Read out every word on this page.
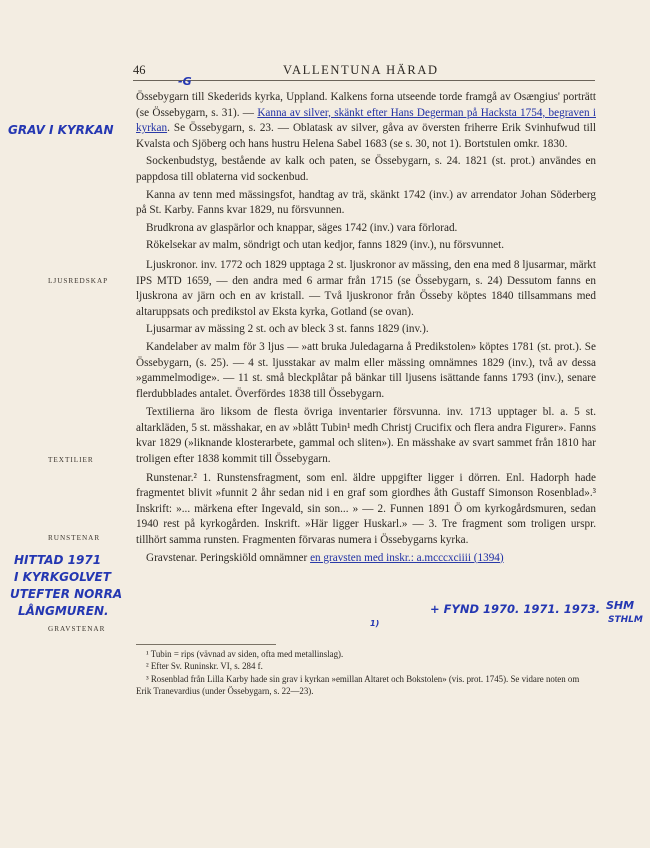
46	VALLENTUNA HÄRAD
LJUSREDSKAP
TEXTILIER
RUNSTENAR
GRAVSTENAR
GRAV I KYRKAN
-G
HITTAD 1971
I KYRKGOLVET
UTEFTER NORRA
LÅNGMUREN.	+ FYND 1970. 1971. 1973. SHM
STHLM
1)

Össebygarn till Skederids kyrka, Uppland. Kalkens forna utseende torde framgå av Osængius' porträtt (se Össebygarn, s. 31). — Kanna av silver, skänkt efter Hans Degerman på Hacksta 1754, begraven i kyrkan. Se Össebygarn, s. 23. — Oblatask av silver, gåva av översten friherre Erik Svinhufwud till Kvalsta och Sjöberg och hans hustru Helena Sabel 1683 (se s. 30, not 1). Bortstulen omkr. 1830.

Sockenbudstyg, bestående av kalk och paten, se Össebygarn, s. 24. 1821 (st. prot.) användes en pappdosa till oblaterna vid sockenbud.

Kanna av tenn med mässingsfot, handtag av trä, skänkt 1742 (inv.) av arrendator Johan Söderberg på St. Karby. Fanns kvar 1829, nu försvunnen.

Brudkrona av glaspärlor och knappar, säges 1742 (inv.) vara förlorad.

Rökelsekar av malm, söndrigt och utan kedjor, fanns 1829 (inv.), nu försvunnet.

Ljuskronor. inv. 1772 och 1829 upptaga 2 st. ljuskronor av mässing, den ena med 8 ljusarmar, märkt IPS MTD 1659, — den andra med 6 armar från 1715 (se Össebygarn, s. 24) Dessutom fanns en ljuskrona av järn och en av kristall. — Två ljuskronor från Össeby köptes 1840 tillsammans med altaruppsats och predikstol av Eksta kyrka, Gotland (se ovan).

Ljusarmar av mässing 2 st. och av bleck 3 st. fanns 1829 (inv.).

Kandelaber av malm för 3 ljus — »att bruka Juledagarna å Predikstolen» köptes 1781 (st. prot.). Se Össebygarn, (s. 25). — 4 st. ljusstakar av malm eller mässing omnämnes 1829 (inv.), två av dessa »gammelmodige». — 11 st. små bleckplåtar på bänkar till ljusens isättande fanns 1793 (inv.), senare flerdubblades antalet. Överfördes 1838 till Össebygarn.

Textilierna äro liksom de flesta övriga inventarier försvunna. inv. 1713 upptager bl. a. 5 st. altarkläden, 5 st. mässhakar, en av »blått Tubin¹ medh Christj Crucifix och flera andra Figurer». Fanns kvar 1829 (»liknande klosterarbete, gammal och sliten»). En mässhake av svart sammet från 1810 har troligen efter 1838 kommit till Össebygarn.

Runstenar.² 1. Runstensfragment, som enl. äldre uppgifter ligger i dörren. Enl. Hadorph hade fragmentet blivit »funnit 2 åhr sedan nid i en graf som giordhes åth Gustaff Simonson Rosenblad».³ Inskrift: »... märkena efter Ingevald, sin son... » — 2. Funnen 1891 Ö om kyrkogårdsmuren, sedan 1940 rest på kyrkogården. Inskrift. »Här ligger Huskarl.» — 3. Tre fragment som troligen urspr. tillhört samma runsten. Fragmenten förvaras numera i Össebygarns kyrka.

Gravstenar. Peringskiöld omnämner en gravsten med inskr.: a.mcccxciiii (1394)

¹ Tubin = rips (vävnad av siden, ofta med metallinslag).

² Efter Sv. Runinskr. VI, s. 284 f.

³ Rosenblad från Lilla Karby hade sin grav i kyrkan »emillan Altaret och Bokstolen» (vis. prot. 1745). Se vidare noten om Erik Tranevardius (under Össebygarn, s. 22—23).
